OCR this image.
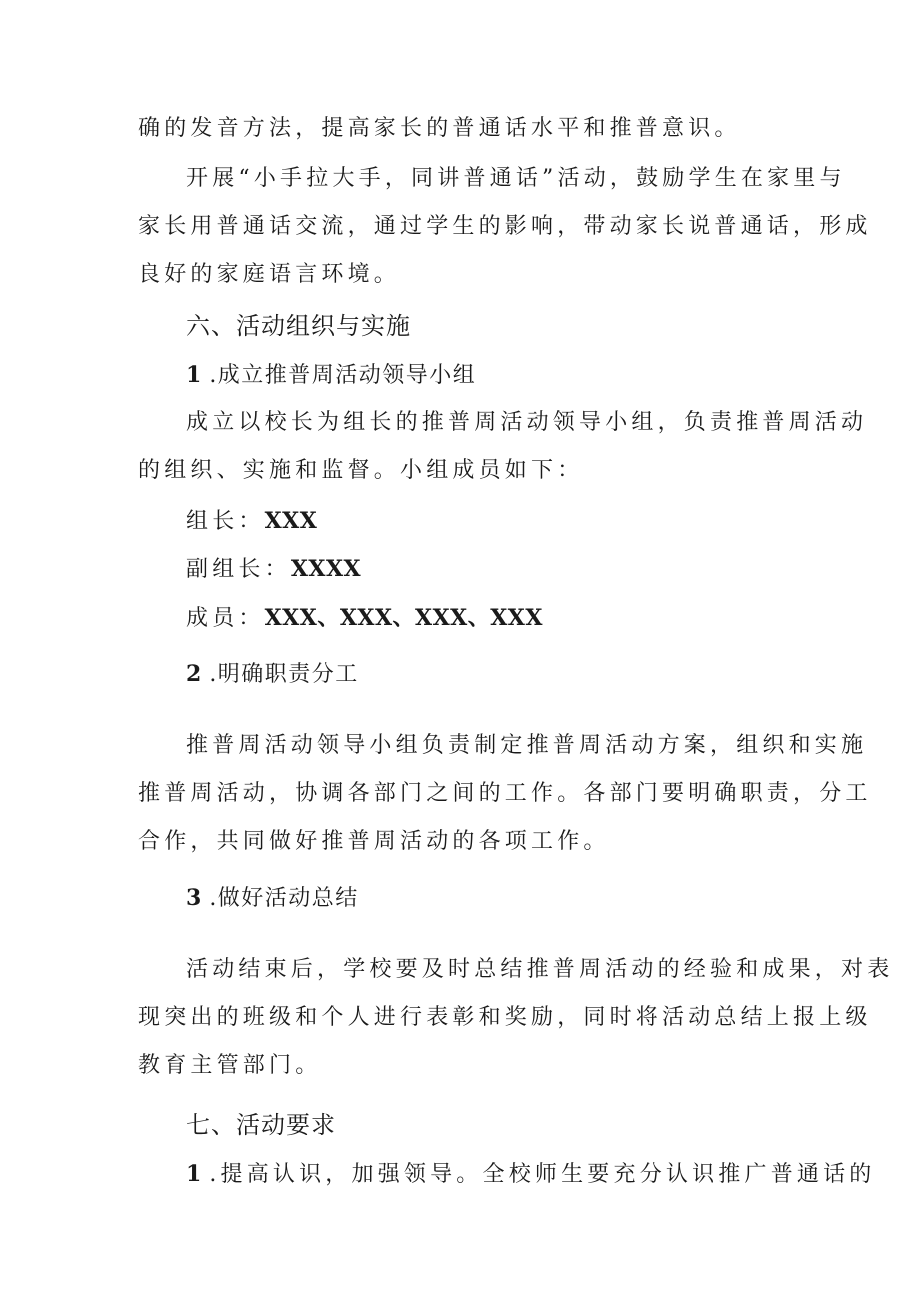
确的发音方法，提高家长的普通话水平和推普意识。
开展“小手拉大手，同讲普通话”活动，鼓励学生在家里与
家长用普通话交流，通过学生的影响，带动家长说普通话，形成
良好的家庭语言环境。
六、活动组织与实施
1 .成立推普周活动领导小组
成立以校长为组长的推普周活动领导小组，负责推普周活动
的组织、实施和监督。小组成员如下：
组长：XXX
副组长：XXXX
成员：XXX、XXX、XXX、XXX
2 .明确职责分工
推普周活动领导小组负责制定推普周活动方案，组织和实施
推普周活动，协调各部门之间的工作。各部门要明确职责，分工
合作，共同做好推普周活动的各项工作。
3 .做好活动总结
活动结束后，学校要及时总结推普周活动的经验和成果，对表
现突出的班级和个人进行表彰和奖励，同时将活动总结上报上级
教育主管部门。
七、活动要求
1 .提高认识，加强领导。全校师生要充分认识推广普通话的
